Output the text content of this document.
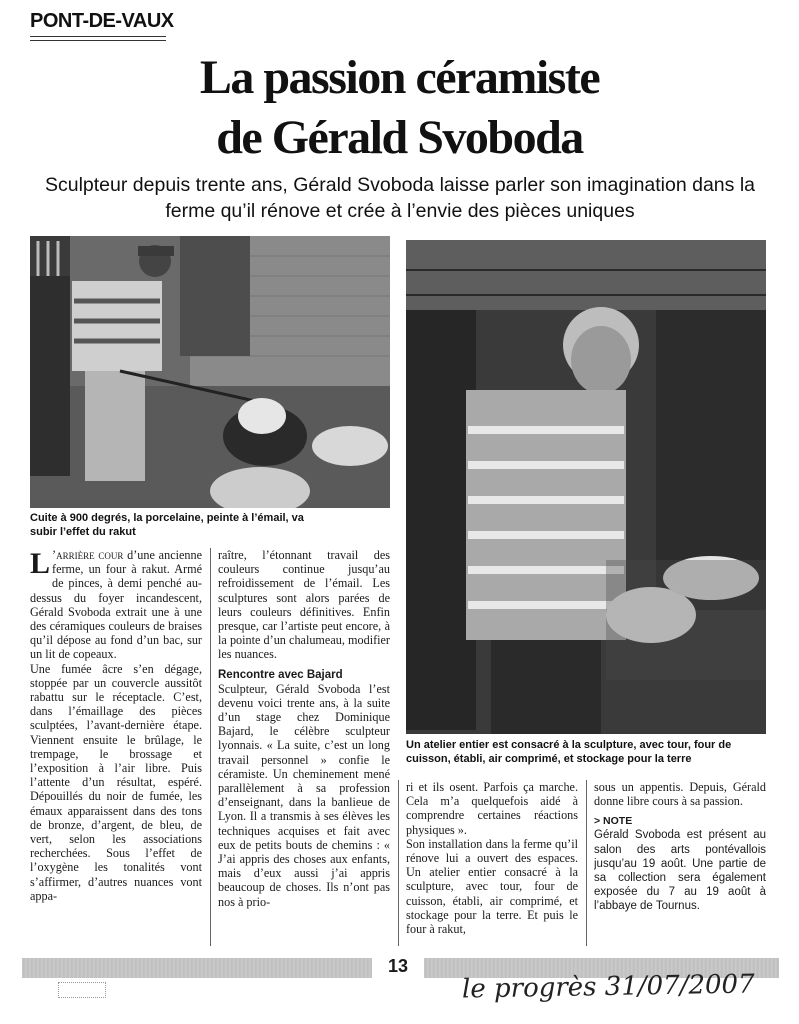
PONT-DE-VAUX
La passion céramiste
de Gérald Svoboda
Sculpteur depuis trente ans, Gérald Svoboda laisse parler son imagination dans la ferme qu’il rénove et crée à l’envie des pièces uniques
Cuite à 900 degrés, la porcelaine, peinte à l’émail, va subir l’effet du rakut
Un atelier entier est consacré à la sculpture, avec tour, four de cuisson, établi, air comprimé, et stockage pour la terre

L ’arrière cour d’une ancienne ferme, un four à rakut. Armé de pinces, à demi penché au-dessus du foyer incandescent, Gérald Svoboda extrait une à une des céramiques couleurs de braises qu’il dépose au fond d’un bac, sur un lit de copeaux.

Une fumée âcre s’en dégage, stoppée par un couvercle aussitôt rabattu sur le réceptacle. C’est, dans l’émaillage des pièces sculptées, l’avant-dernière étape. Viennent ensuite le brûlage, le trempage, le brossage et l’exposition à l’air libre. Puis l’attente d’un résultat, espéré. Dépouillés du noir de fumée, les émaux apparaissent dans des tons de bronze, d’argent, de bleu, de vert, selon les associations recherchées. Sous l’effet de l’oxygène les tonalités vont s’affirmer, d’autres nuances vont appa-

raître, l’étonnant travail des couleurs continue jusqu’au refroidissement de l’émail. Les sculptures sont alors parées de leurs couleurs définitives. Enfin presque, car l’artiste peut encore, à la pointe d’un chalumeau, modifier les nuances.

Rencontre avec Bajard

Sculpteur, Gérald Svoboda l’est devenu voici trente ans, à la suite d’un stage chez Dominique Bajard, le célèbre sculpteur lyonnais. « La suite, c’est un long travail personnel » confie le céramiste. Un cheminement mené parallèlement à sa profession d’enseignant, dans la banlieue de Lyon. Il a transmis à ses élèves les techniques acquises et fait avec eux de petits bouts de chemins : « J’ai appris des choses aux enfants, mais d’eux aussi j’ai appris beaucoup de choses. Ils n’ont pas nos à prio-

ri et ils osent. Parfois ça marche. Cela m’a quelquefois aidé à comprendre certaines réactions physiques ».

Son installation dans la ferme qu’il rénove lui a ouvert des espaces. Un atelier entier consacré à la sculpture, avec tour, four de cuisson, établi, air comprimé, et stockage pour la terre. Et puis le four à rakut,

sous un appentis. Depuis, Gérald donne libre cours à sa passion.

> NOTE
Gérald Svoboda est présent au salon des arts pontévallois jusqu’au 19 août. Une partie de sa collection sera également exposée du 7 au 19 août à l’abbaye de Tournus.
13
le progrès 31/07/2007
